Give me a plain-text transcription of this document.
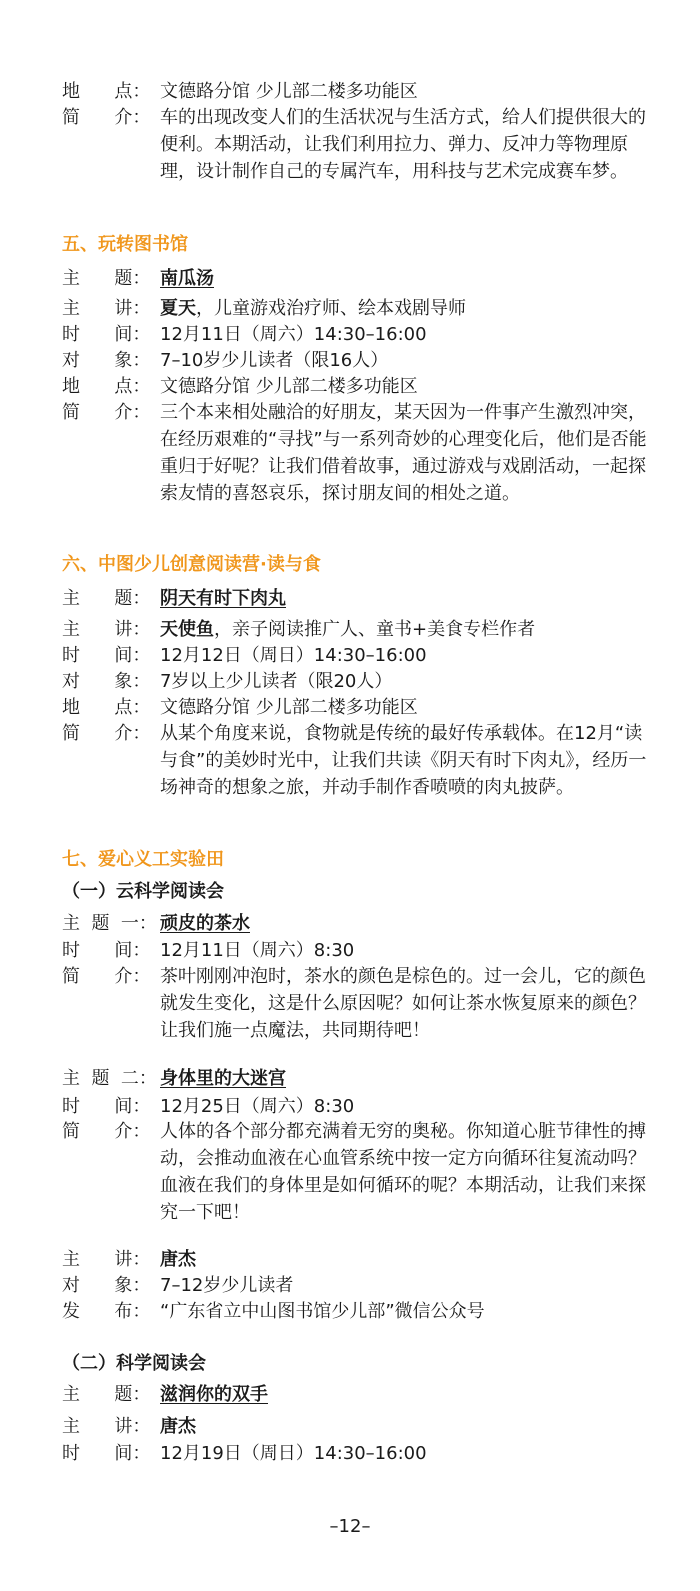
地      点： 文德路分馆 少儿部二楼多功能区
简      介： 车的出现改变人们的生活状况与生活方式，给人们提供很大的便利。本期活动，让我们利用拉力、弹力、反冲力等物理原理，设计制作自己的专属汽车，用科技与艺术完成赛车梦。
五、玩转图书馆
主      题： 南瓜汤
主      讲： 夏天，儿童游戏治疗师、绘本戏剧导师
时      间： 12月11日（周六）14:30–16:00
对      象： 7–10岁少儿读者（限16人）
地      点： 文德路分馆 少儿部二楼多功能区
简      介： 三个本来相处融洽的好朋友，某天因为一件事产生激烈冲突，在经历艰难的“寻找”与一系列奇妙的心理变化后，他们是否能重归于好呢？让我们借着故事，通过游戏与戏剧活动，一起探索友情的喜怒哀乐，探讨朋友间的相处之道。
六、中图少儿创意阅读营·读与食
主      题： 阴天有时下肉丸
主      讲： 天使鱼，亲子阅读推广人、童书+美食专栏作者
时      间： 12月12日（周日）14:30–16:00
对      象： 7岁以上少儿读者（限20人）
地      点： 文德路分馆 少儿部二楼多功能区
简      介： 从某个角度来说，食物就是传统的最好传承载体。在12月“读与食”的美妙时光中，让我们共读《阴天有时下肉丸》，经历一场神奇的想象之旅，并动手制作香喷喷的肉丸披萨。
七、爱心义工实验田
（一）云科学阅读会
主  题  一： 顽皮的茶水
时      间： 12月11日（周六）8:30
简      介： 茶叶刚刚冲泡时，茶水的颜色是棕色的。过一会儿，它的颜色就发生变化，这是什么原因呢？如何让茶水恢复原来的颜色？让我们施一点魔法，共同期待吧！
主  题  二： 身体里的大迷宫
时      间： 12月25日（周六）8:30
简      介： 人体的各个部分都充满着无穷的奥秘。你知道心脏节律性的搏动，会推动血液在心血管系统中按一定方向循环往复流动吗？血液在我们的身体里是如何循环的呢？本期活动，让我们来探究一下吧！
主      讲： 唐杰
对      象： 7–12岁少儿读者
发      布： “广东省立中山图书馆少儿部”微信公众号
（二）科学阅读会
主      题： 滋润你的双手
主      讲： 唐杰
时      间： 12月19日（周日）14:30–16:00
–12–
